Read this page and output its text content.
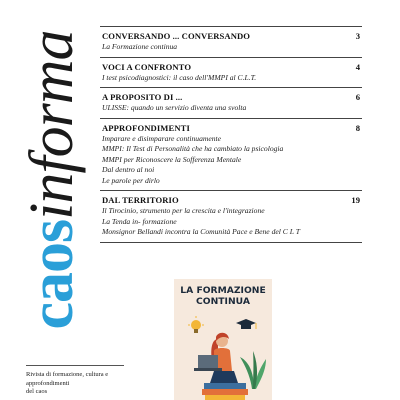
caosinforma
Rivista di formazione, cultura e
approfondimenti
del caos
CONVERSANDO ... CONVERSANDO	3
La Formazione continua
VOCI A CONFRONTO	4
I test psicodiagnostici: il caso dell'MMPI al C.L.T.
A PROPOSITO DI ...	6
ULISSE: quando un servizio diventa una svolta
APPROFONDIMENTI	8
Imparare e disimparare continuamente
MMPI: Il Test di Personalità che ha cambiato la psicologia
MMPI per Riconoscere la Sofferenza Mentale
Dal dentro al noi
Le parole per dirlo
DAL TERRITORIO	19
Il Tirocinio, strumento per la crescita e l'integrazione
La Tenda in- formazione
Monsignor Bellandi incontra la Comunità Pace e Bene del C L T
LA FORMAZIONE
CONTINUA
